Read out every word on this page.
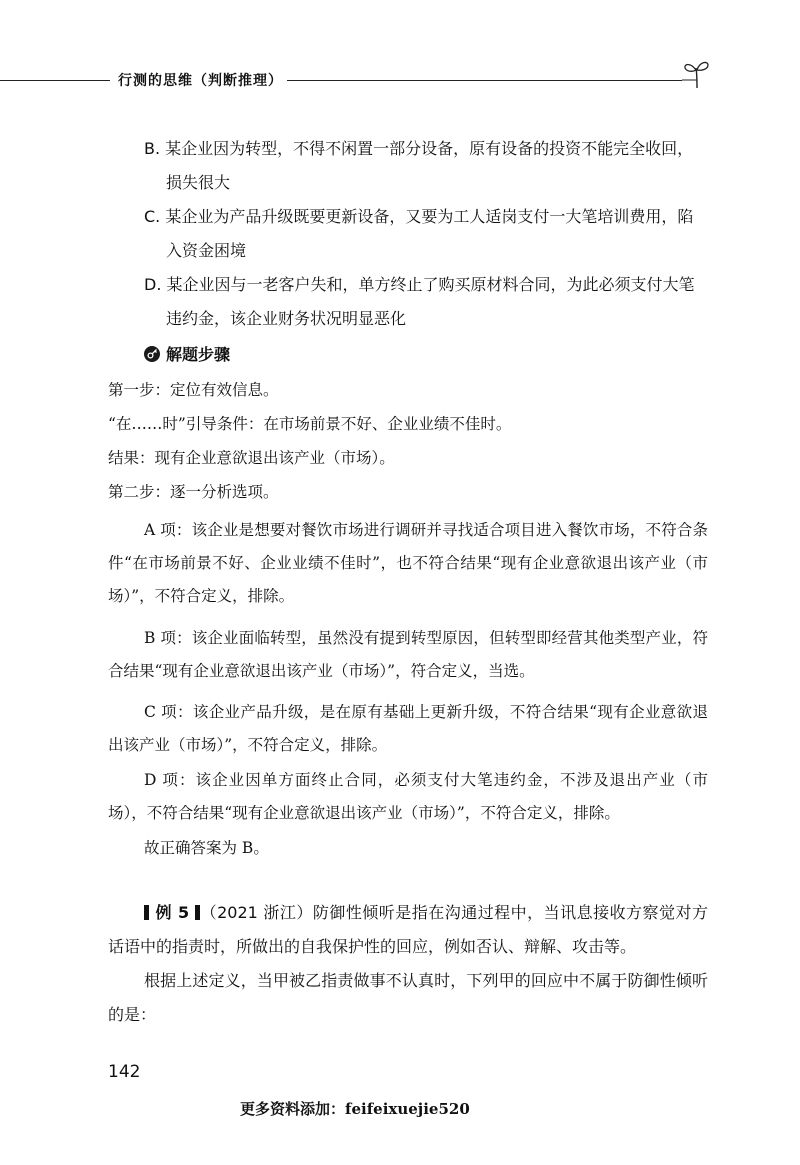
行测的思维（判断推理）
B. 某企业因为转型，不得不闲置一部分设备，原有设备的投资不能完全收回，
损失很大
C. 某企业为产品升级既要更新设备，又要为工人适岗支付一大笔培训费用，陷
入资金困境
D. 某企业因与一老客户失和，单方终止了购买原材料合同，为此必须支付大笔
违约金，该企业财务状况明显恶化
解题步骤
第一步：定位有效信息。
“在……时”引导条件：在市场前景不好、企业业绩不佳时。
结果：现有企业意欲退出该产业（市场）。
第二步：逐一分析选项。
A 项：该企业是想要对餐饮市场进行调研并寻找适合项目进入餐饮市场，不符合条件“在市场前景不好、企业业绩不佳时”，也不符合结果“现有企业意欲退出该产业（市场）”，不符合定义，排除。
B 项：该企业面临转型，虽然没有提到转型原因，但转型即经营其他类型产业，符合结果“现有企业意欲退出该产业（市场）”，符合定义，当选。
C 项：该企业产品升级，是在原有基础上更新升级，不符合结果“现有企业意欲退出该产业（市场）”，不符合定义，排除。
D 项：该企业因单方面终止合同，必须支付大笔违约金，不涉及退出产业（市场），不符合结果“现有企业意欲退出该产业（市场）”，不符合定义，排除。
故正确答案为 B。
例 5 （2021 浙江）防御性倾听是指在沟通过程中，当讯息接收方察觉对方话语中的指责时，所做出的自我保护性的回应，例如否认、辩解、攻击等。
根据上述定义，当甲被乙指责做事不认真时，下列甲的回应中不属于防御性倾听的是：
142
更多资料添加：feifeixuejie520
